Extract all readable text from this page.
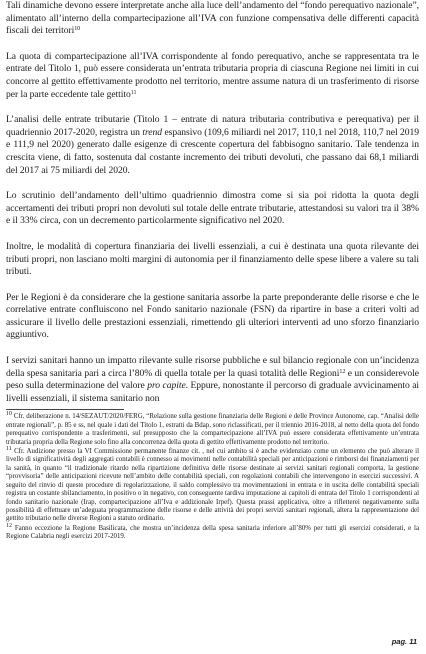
Tali dinamiche devono essere interpretate anche alla luce dell’andamento del “fondo perequativo nazionale”, alimentato all’interno della compartecipazione all’IVA con funzione compensativa delle differenti capacità fiscali dei territori$^{10}$

La quota di compartecipazione all’IVA corrispondente al fondo perequativo, anche se rappresentata tra le entrate del Titolo 1, può essere considerata un’entrata tributaria propria di ciascuna Regione nei limiti in cui concorre al gettito effettivamente prodotto nel territorio, mentre assume natura di un trasferimento di risorse per la parte eccedente tale gettito$^{11}$

L’analisi delle entrate tributarie (Titolo 1 – entrate di natura tributaria contributiva e perequativa) per il quadriennio 2017-2020, registra un trend espansivo (109,6 miliardi nel 2017, 110,1 nel 2018, 110,7 nel 2019 e 111,9 nel 2020) generato dalle esigenze di crescente copertura del fabbisogno sanitario. Tale tendenza in crescita viene, di fatto, sostenuta dal costante incremento dei tributi devoluti, che passano dai 68,1 miliardi del 2017 ai 75 miliardi del 2020.

Lo scrutinio dell’andamento dell’ultimo quadriennio dimostra come si sia poi ridotta la quota degli accertamenti dei tributi propri non devoluti sul totale delle entrate tributarie, attestandosi su valori tra il 38% e il 33% circa, con un decremento particolarmente significativo nel 2020.

Inoltre, le modalità di copertura finanziaria dei livelli essenziali, a cui è destinata una quota rilevante dei tributi propri, non lasciano molti margini di autonomia per il finanziamento delle spese libere a valere su tali tributi.

Per le Regioni è da considerare che la gestione sanitaria assorbe la parte preponderante delle risorse e che le correlative entrate confluiscono nel Fondo sanitario nazionale (FSN) da ripartire in base a criteri volti ad assicurare il livello delle prestazioni essenziali, rimettendo gli ulteriori interventi ad uno sforzo finanziario aggiuntivo.

I servizi sanitari hanno un impatto rilevante sulle risorse pubbliche e sul bilancio regionale con un’incidenza della spesa sanitaria pari a circa l’80% di quella totale per la quasi totalità delle Regioni$^{12}$ e un considerevole peso sulla determinazione del valore pro capite. Eppure, nonostante il percorso di graduale avvicinamento ai livelli essenziali, il sistema sanitario non

$^{10}$ Cfr. deliberazione n. 14/SEZAUT/2020/FERG, “Relazione sulla gestione finanziaria delle Regioni e delle Province Autonome, cap. “Analisi delle entrate regionali”, p. 85 e ss, nel quale i dati del Titolo 1, estratti da Bdap, sono riclassificati, per il triennio 2016-2018, al netto della quota del fondo perequativo corrispondente a trasferimenti, sul presupposto che la compartecipazione all’IVA può essere considerata effettivamente un’entrata tributaria propria della Regione solo fino alla concorrenza della quota di gettito effettivamente prodotto nel territorio.

$^{11}$ Cfr. Audizione presso la VI Commissione permanente finanze cit. , nel cui ambito si è anche evidenziato come un elemento che può alterare il livello di significatività degli aggregati contabili è connesso ai movimenti nelle contabilità speciali per anticipazioni e rimborsi dei finanziamenti per la sanità, in quanto “il tradizionale ritardo nella ripartizione definitiva delle risorse destinate ai servizi sanitari regionali comporta, la gestione “provvisoria” delle anticipazioni ricevute nell’ambito delle contabilità speciali, con regolazioni contabili che intervengono in esercizi successivi. A seguito del rinvio di queste procedure di regolarizzazione, il saldo complessivo tra movimentazioni in entrata e in uscita delle contabilità speciali registra un costante sbilanciamento, in positivo o in negativo, con conseguente tardiva imputazione ai capitoli di entrata del Titolo 1 corrispondenti al fondo sanitario nazionale (Irap, compartecipazione all’Iva e addizionale Irpef). Questa prassi applicativa, oltre a rifletterei negativamente sulla possibilità di effettuare un’adeguata programmazione delle risorse e delle attività dei propri servizi sanitari regionali, altera la rappresentazione del gettito tributario nelle diverse Regioni a statuto ordinario.

$^{12}$ Fanno eccezione la Regione Basilicata, che mostra un’incidenza della spesa sanitaria inferiore all’80% per tutti gli esercizi considerati, e la Regione Calabria negli esercizi 2017-2019.

pag. 11
